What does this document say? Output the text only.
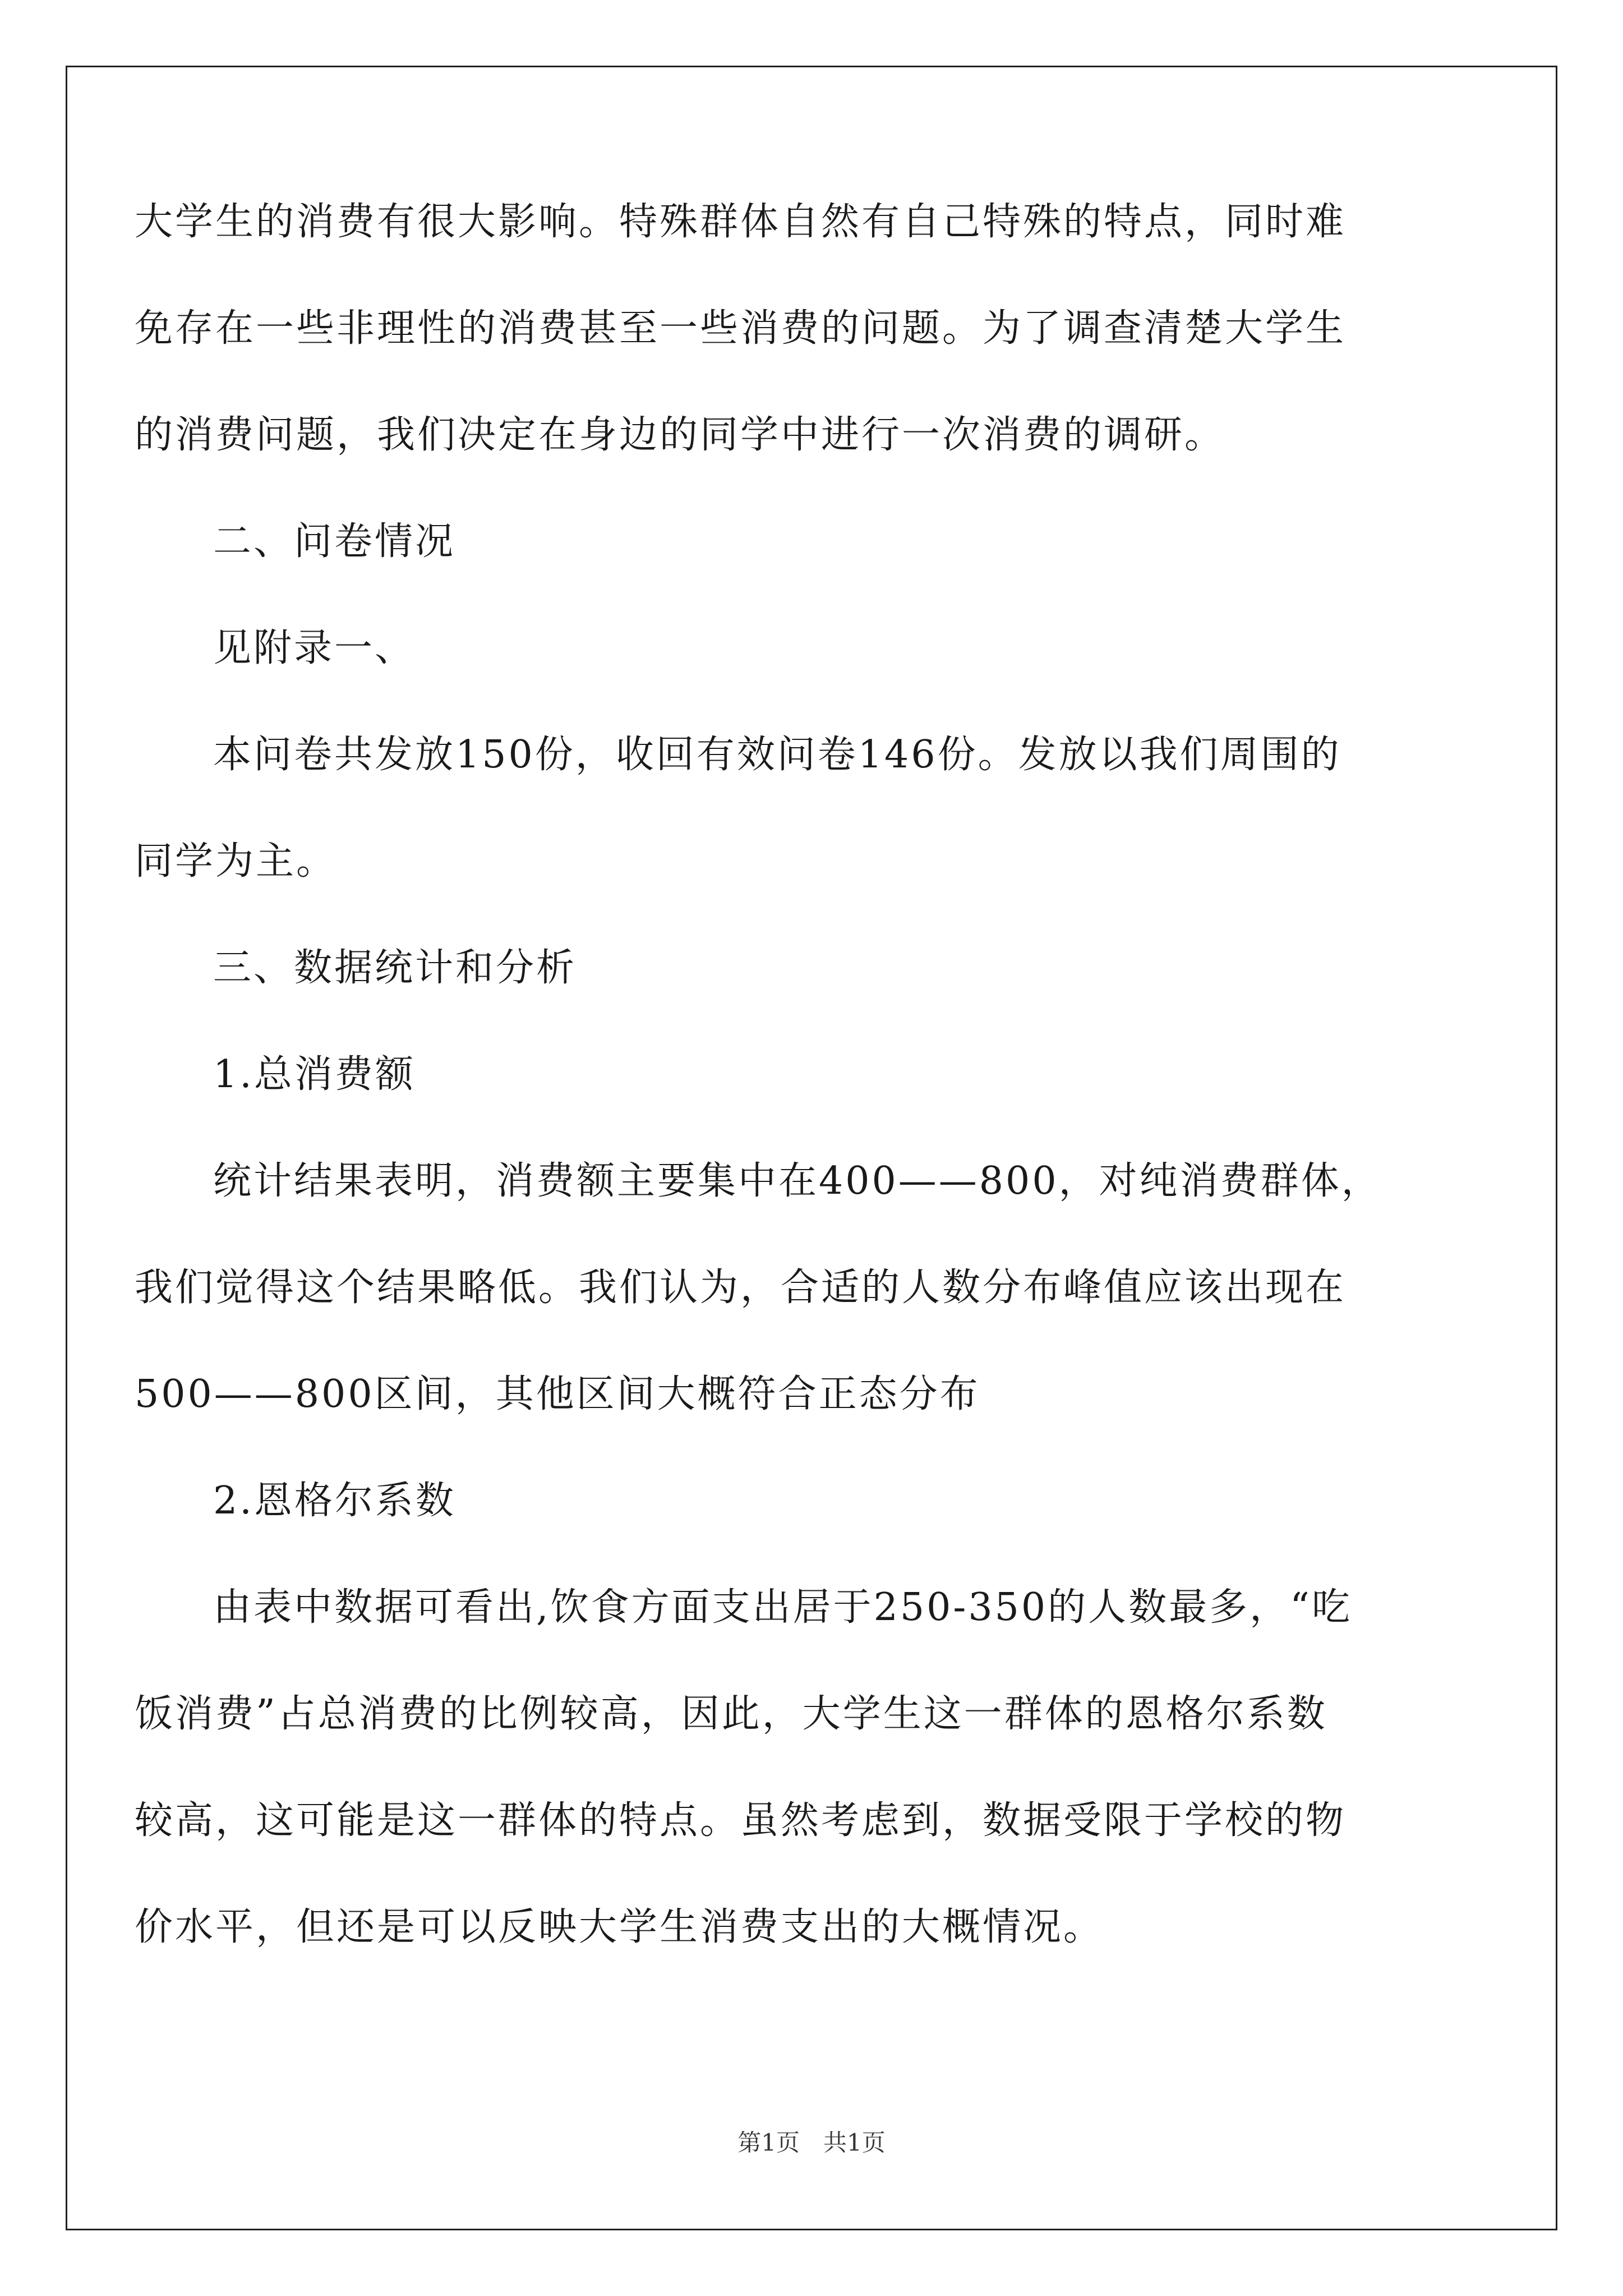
大学生的消费有很大影响。特殊群体自然有自己特殊的特点，同时难
免存在一些非理性的消费甚至一些消费的问题。为了调查清楚大学生
的消费问题，我们决定在身边的同学中进行一次消费的调研。
二、问卷情况
见附录一、
本问卷共发放150份，收回有效问卷146份。发放以我们周围的
同学为主。
三、数据统计和分析
1.总消费额
统计结果表明，消费额主要集中在400——800，对纯消费群体，
我们觉得这个结果略低。我们认为，合适的人数分布峰值应该出现在
500——800区间，其他区间大概符合正态分布
2.恩格尔系数
由表中数据可看出,饮食方面支出居于250-350的人数最多，“吃
饭消费”占总消费的比例较高，因此，大学生这一群体的恩格尔系数
较高，这可能是这一群体的特点。虽然考虑到，数据受限于学校的物
价水平，但还是可以反映大学生消费支出的大概情况。
第1页　共1页
